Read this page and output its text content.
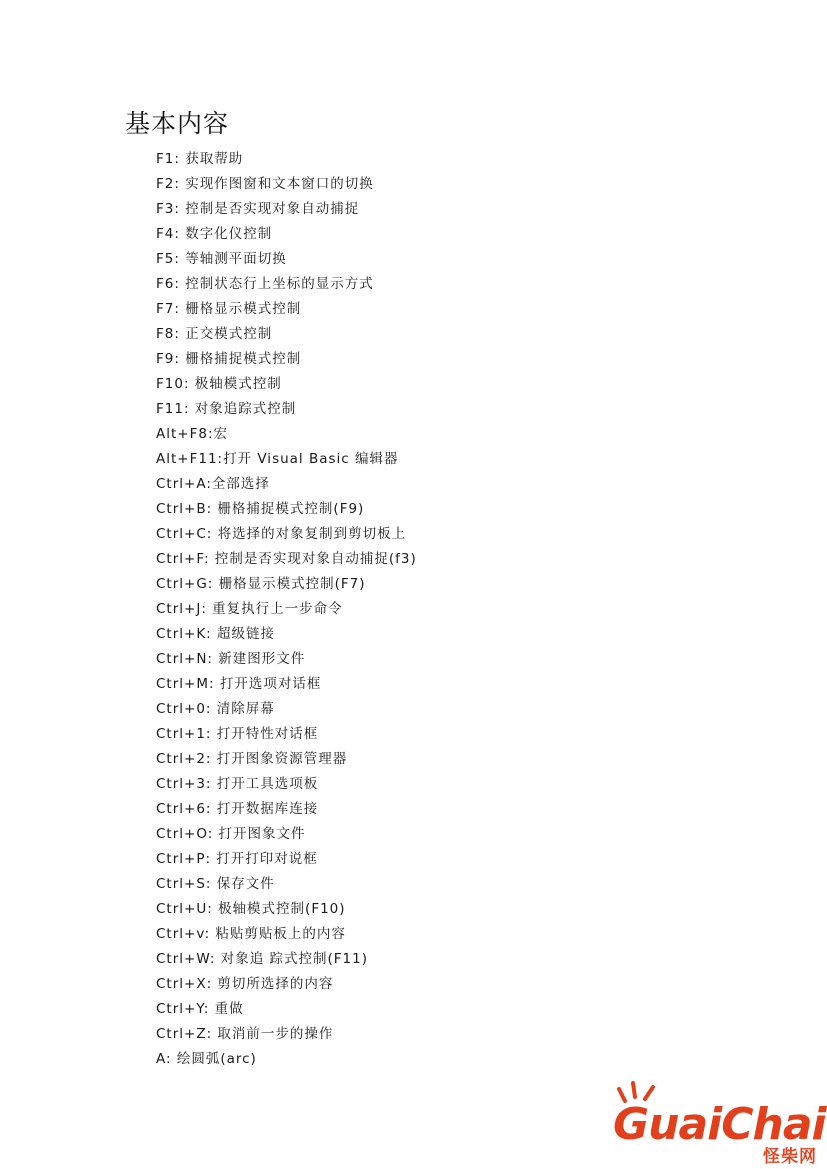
基本内容
F1: 获取帮助
F2: 实现作图窗和文本窗口的切换
F3: 控制是否实现对象自动捕捉
F4: 数字化仪控制
F5: 等轴测平面切换
F6: 控制状态行上坐标的显示方式
F7: 栅格显示模式控制
F8: 正交模式控制
F9: 栅格捕捉模式控制
F10: 极轴模式控制
F11: 对象追踪式控制
Alt+F8:宏
Alt+F11:打开 Visual Basic 编辑器
Ctrl+A:全部选择
Ctrl+B: 栅格捕捉模式控制(F9)
Ctrl+C: 将选择的对象复制到剪切板上
Ctrl+F: 控制是否实现对象自动捕捉(f3)
Ctrl+G: 栅格显示模式控制(F7)
Ctrl+J: 重复执行上一步命令
Ctrl+K: 超级链接
Ctrl+N: 新建图形文件
Ctrl+M: 打开选项对话框
Ctrl+0: 清除屏幕
Ctrl+1: 打开特性对话框
Ctrl+2: 打开图象资源管理器
Ctrl+3: 打开工具选项板
Ctrl+6: 打开数据库连接
Ctrl+O: 打开图象文件
Ctrl+P: 打开打印对说框
Ctrl+S: 保存文件
Ctrl+U: 极轴模式控制(F10)
Ctrl+v: 粘贴剪贴板上的内容
Ctrl+W: 对象追 踪式控制(F11)
Ctrl+X: 剪切所选择的内容
Ctrl+Y: 重做
Ctrl+Z: 取消前一步的操作
A: 绘圆弧(arc)
GuaiChai
怪柴网
